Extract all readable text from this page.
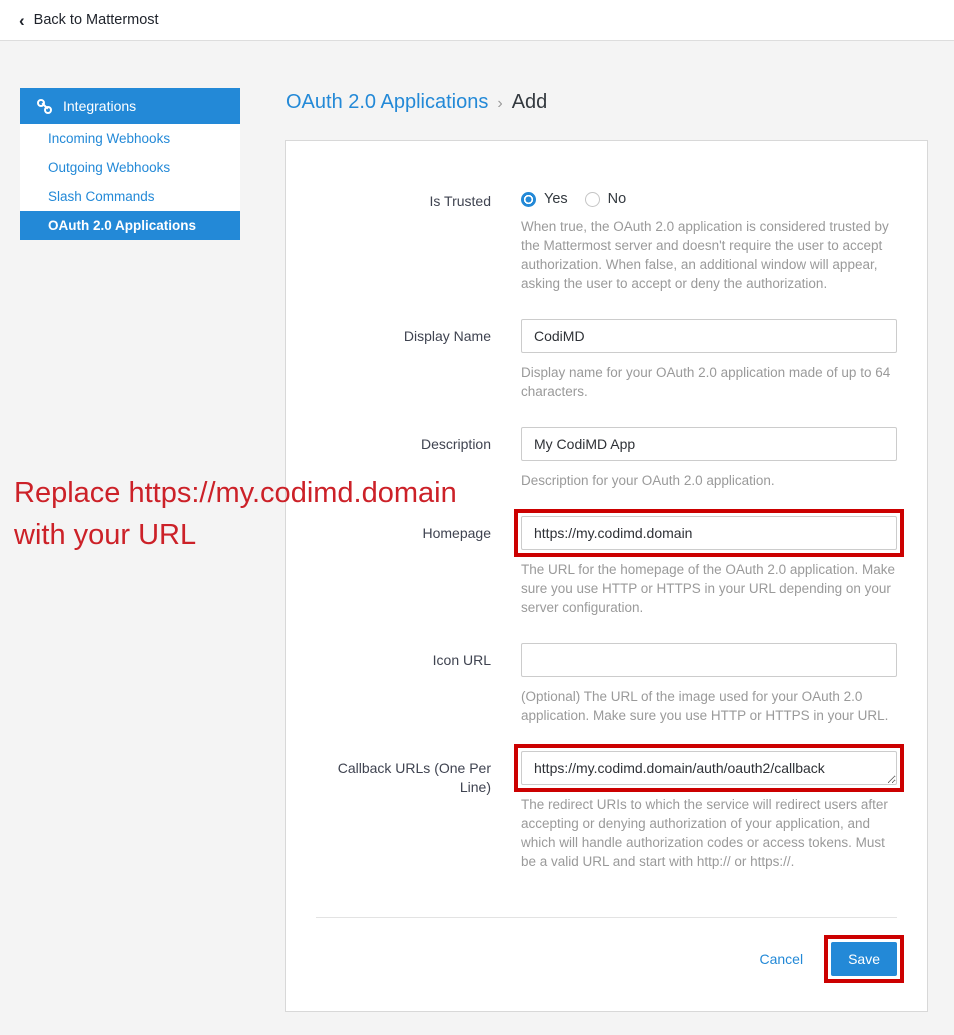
‹ Back to Mattermost
Integrations
Incoming Webhooks
Outgoing Webhooks
Slash Commands
OAuth 2.0 Applications
OAuth 2.0 Applications › Add
Is Trusted	Yes	No
When true, the OAuth 2.0 application is considered trusted by the Mattermost server and doesn't require the user to accept authorization. When false, an additional window will appear, asking the user to accept or deny the authorization.
Display Name
CodiMD
Display name for your OAuth 2.0 application made of up to 64 characters.
Description
My CodiMD App
Description for your OAuth 2.0 application.
Homepage
https://my.codimd.domain
The URL for the homepage of the OAuth 2.0 application. Make sure you use HTTP or HTTPS in your URL depending on your server configuration.
Icon URL
(Optional) The URL of the image used for your OAuth 2.0 application. Make sure you use HTTP or HTTPS in your URL.
Callback URLs (One Per Line)
https://my.codimd.domain/auth/oauth2/callback
The redirect URIs to which the service will redirect users after accepting or denying authorization of your application, and which will handle authorization codes or access tokens. Must be a valid URL and start with http:// or https://.
Cancel	Save
Replace https://my.codimd.domain
with your URL
